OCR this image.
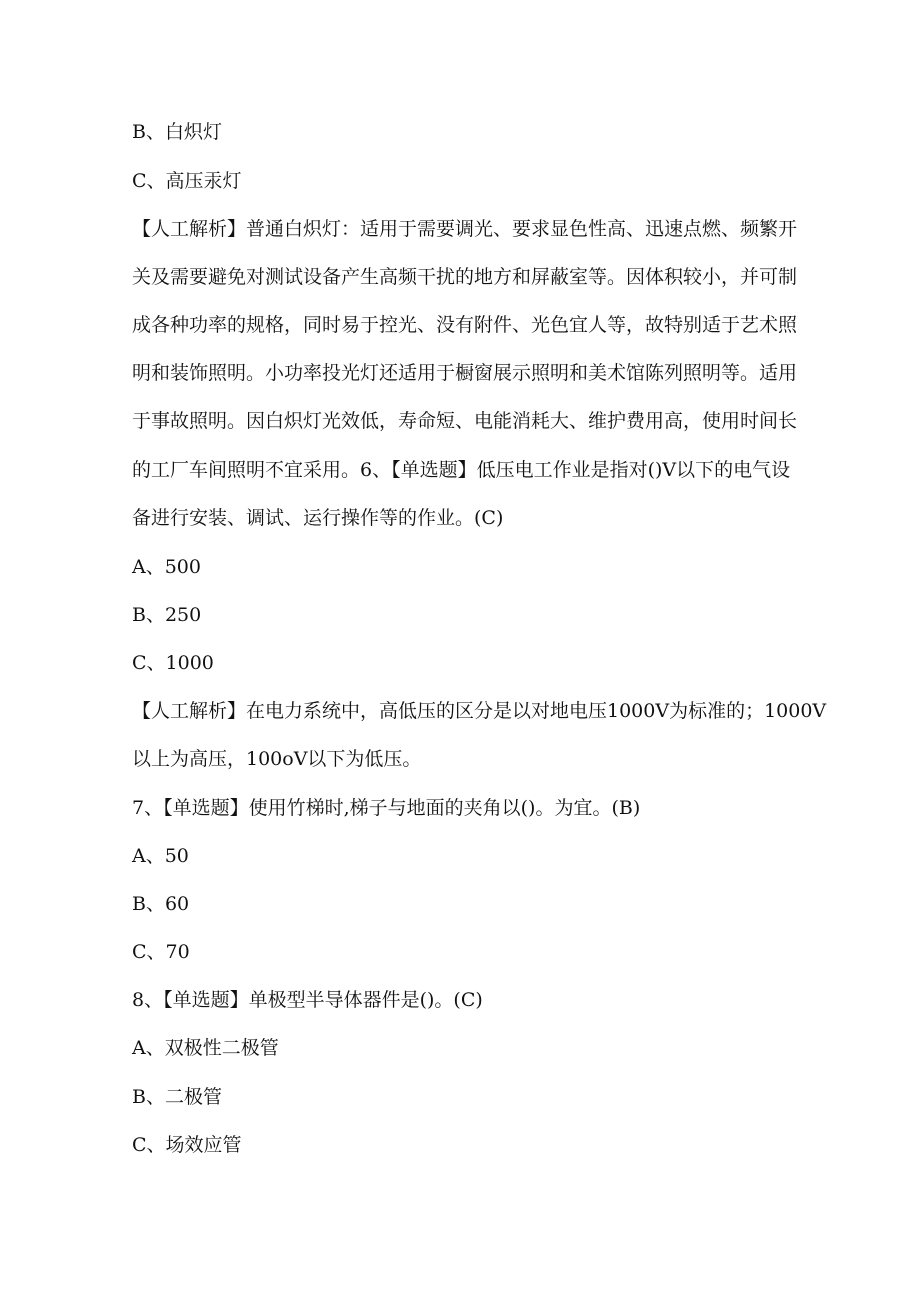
B、白炽灯
C、高压汞灯
【人工解析】普通白炽灯：适用于需要调光、要求显色性高、迅速点燃、频繁开
关及需要避免对测试设备产生高频干扰的地方和屏蔽室等。因体积较小，并可制
成各种功率的规格，同时易于控光、没有附件、光色宜人等，故特别适于艺术照
明和装饰照明。小功率投光灯还适用于橱窗展示照明和美术馆陈列照明等。适用
于事故照明。因白炽灯光效低，寿命短、电能消耗大、维护费用高，使用时间长
的工厂车间照明不宜采用。6、【单选题】低压电工作业是指对()V以下的电气设
备进行安装、调试、运行操作等的作业。(C)
A、500
B、250
C、1000
【人工解析】在电力系统中，高低压的区分是以对地电压1000V为标准的；1000V
以上为高压，100oV以下为低压。
7、【单选题】使用竹梯时,梯子与地面的夹角以()。为宜。(B)
A、50
B、60
C、70
8、【单选题】单极型半导体器件是()。(C)
A、双极性二极管
B、二极管
C、场效应管
